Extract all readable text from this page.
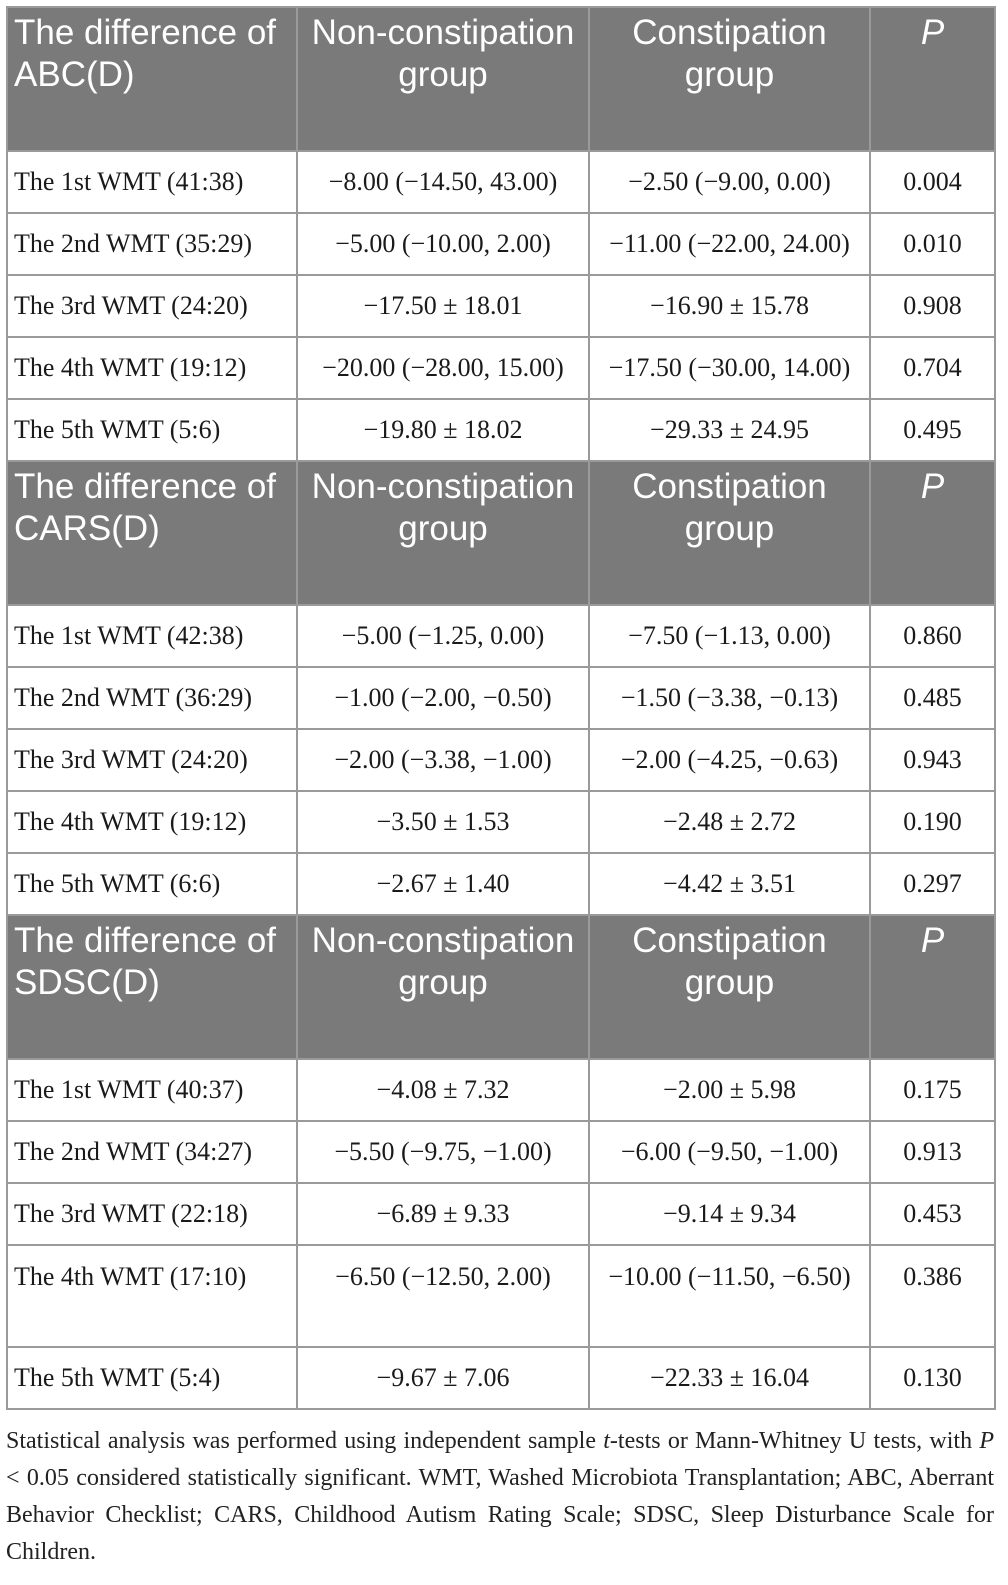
The difference of ABC(D)	Non-constipation group	Constipation group	P
The 1st WMT (41:38)	−8.00 (−14.50, 43.00)	−2.50 (−9.00, 0.00)	0.004
The 2nd WMT (35:29)	−5.00 (−10.00, 2.00)	−11.00 (−22.00, 24.00)	0.010
The 3rd WMT (24:20)	−17.50 ± 18.01	−16.90 ± 15.78	0.908
The 4th WMT (19:12)	−20.00 (−28.00, 15.00)	−17.50 (−30.00, 14.00)	0.704
The 5th WMT (5:6)	−19.80 ± 18.02	−29.33 ± 24.95	0.495
The difference of CARS(D)	Non-constipation group	Constipation group	P
The 1st WMT (42:38)	−5.00 (−1.25, 0.00)	−7.50 (−1.13, 0.00)	0.860
The 2nd WMT (36:29)	−1.00 (−2.00, −0.50)	−1.50 (−3.38, −0.13)	0.485
The 3rd WMT (24:20)	−2.00 (−3.38, −1.00)	−2.00 (−4.25, −0.63)	0.943
The 4th WMT (19:12)	−3.50 ± 1.53	−2.48 ± 2.72	0.190
The 5th WMT (6:6)	−2.67 ± 1.40	−4.42 ± 3.51	0.297
The difference of SDSC(D)	Non-constipation group	Constipation group	P
The 1st WMT (40:37)	−4.08 ± 7.32	−2.00 ± 5.98	0.175
The 2nd WMT (34:27)	−5.50 (−9.75, −1.00)	−6.00 (−9.50, −1.00)	0.913
The 3rd WMT (22:18)	−6.89 ± 9.33	−9.14 ± 9.34	0.453
The 4th WMT (17:10)	−6.50 (−12.50, 2.00)	−10.00 (−11.50, −6.50)	0.386
The 5th WMT (5:4)	−9.67 ± 7.06	−22.33 ± 16.04	0.130
Statistical analysis was performed using independent sample t-tests or Mann-Whitney U tests, with P < 0.05 considered statistically significant. WMT, Washed Microbiota Transplantation; ABC, Aberrant Behavior Checklist; CARS, Childhood Autism Rating Scale; SDSC, Sleep Disturbance Scale for Children.
